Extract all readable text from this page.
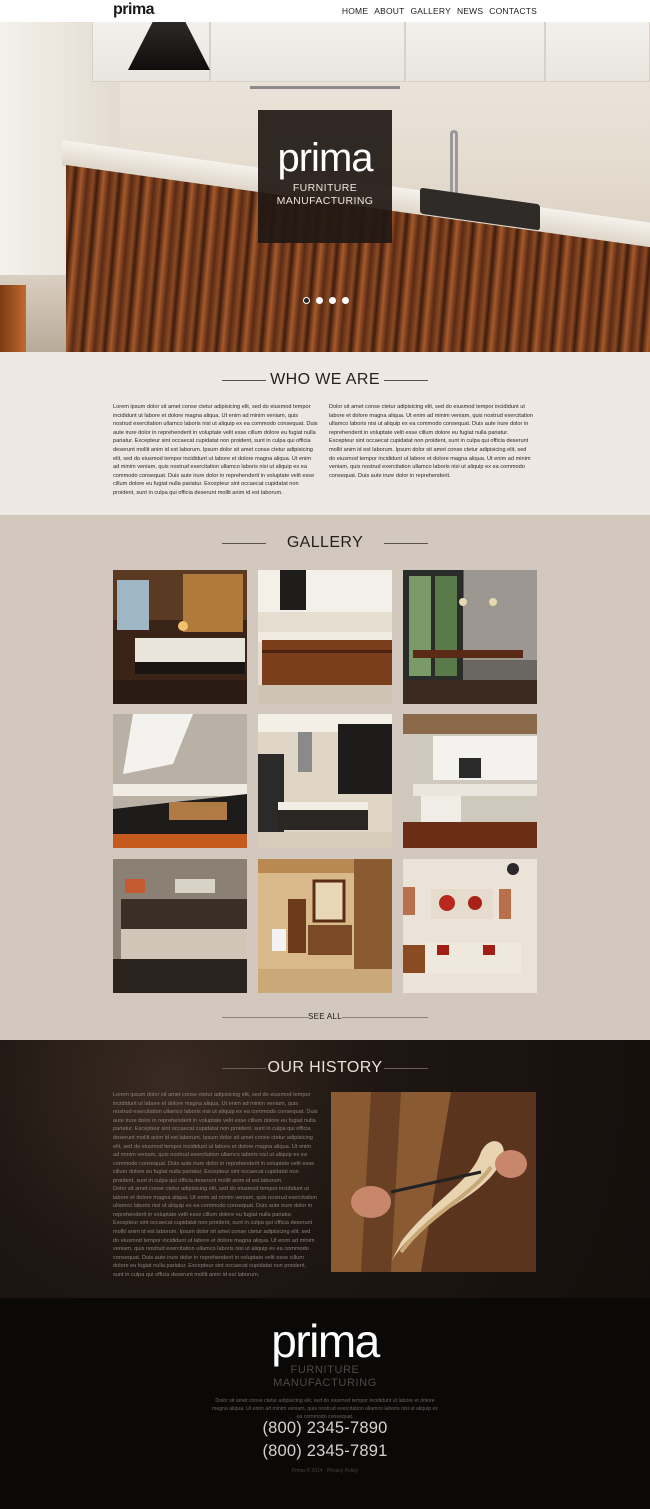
prima
FURNITURE
MANUFACTURING
prima	HOME ABOUT GALLERY NEWS CONTACTS
WHO WE ARE

Lorem ipsum dolor sit amet conse ctetur adipisicing elit, sed do eiusmod tempor incididunt ut labore et dolore magna aliqua. Ut enim ad minim veniam, quis nostrud exercitation ullamco laboris nisi ut aliquip ex ea commodo consequat. Duis aute irure dolor in reprehenderit in voluptate velit esse cillum dolore eu fugiat nulla pariatur. Excepteur sint occaecat cupidatat non proident, sunt in culpa qui officia deserunt mollit anim id est laborum. Ipsum dolor sit amet conse ctetur adipisicing elit, sed do eiusmod tempor incididunt ut labore et dolore magna aliqua. Ut enim ad minim veniam, quis nostrud exercitation ullamco laboris nisi ut aliquip ex ea commodo consequat. Duis aute irure dolor in reprehenderit in voluptate velit esse cillum dolore eu fugiat nulla pariatur. Excepteur sint occaecat cupidatat non proident, sunt in culpa qui officia deserunt mollit anim id est laborum.

Dolor sit amet conse ctetur adipisicing elit, sed do eiusmod tempor incididunt ut labore et dolore magna aliqua. Ut enim ad minim veniam, quis nostrud exercitation ullamco laboris nisi ut aliquip ex ea commodo consequat. Duis aute irure dolor in reprehenderit in voluptate velit esse cillum dolore eu fugiat nulla pariatur. Excepteur sint occaecat cupidatat non proident, sunt in culpa qui officia deserunt mollit anim id est laborum. Ipsum dolor sit amet conse ctetur adipisicing elit, sed do eiusmod tempor incididunt ut labore et dolore magna aliqua. Ut enim ad minim veniam, quis nostrud exercitation ullamco laboris nisi ut aliquip ex ea commodo consequat. Duis aute irure dolor in reprehenderit.

GALLERY
SEE ALL
OUR HISTORY

Lorem ipsum dolor sit amet conse ctetur adipisicing elit, sed do eiusmod tempor incididunt ut labore et dolore magna aliqua. Ut enim ad minim veniam, quis nostrud exercitation ullamco laboris nisi ut aliquip ex ea commodo consequat. Duis aute irure dolor in reprehenderit in voluptate velit esse cillum dolore eu fugiat nulla pariatur. Excepteur sint occaecat cupidatat non proident, sunt in culpa qui officia deserunt mollit anim id est laborum. Ipsum dolor sit amet conse ctetur adipisicing elit, sed do eiusmod tempor incididunt ut labore et dolore magna aliqua. Ut enim ad minim veniam, quis nostrud exercitation ullamco laboris nisi ut aliquip ex ea commodo consequat. Duis aute irure dolor in reprehenderit in voluptate velit esse cillum dolore eu fugiat nulla pariatur. Excepteur sint occaecat cupidatat non proident, sunt in culpa qui officia deserunt mollit anim id est laborum.

Dolor sit amet conse ctetur adipisicing elit, sed do eiusmod tempor incididunt ut labore et dolore magna aliqua. Ut enim ad minim veniam, quis nostrud exercitation ullamco laboris nisi ut aliquip ex ea commodo consequat. Duis aute irure dolor in reprehenderit in voluptate velit esse cillum dolore eu fugiat nulla pariatur. Excepteur sint occaecat cupidatat non proident, sunt in culpa qui officia deserunt mollit anim id est laborum. Ipsum dolor sit amet conse ctetur adipisicing elit, sed do eiusmod tempor incididunt ut labore et dolore magna aliqua. Ut enim ad minim veniam, quis nostrud exercitation ullamco laboris nisi ut aliquip ex ea commodo consequat. Duis aute irure dolor in reprehenderit in voluptate velit esse cillum dolore eu fugiat nulla pariatur. Excepteur sint occaecat cupidatat non proident, sunt in culpa qui officia deserunt mollit anim id est laborum.

prima
FURNITURE
MANUFACTURING

Dolor sit amet conse ctetur adipisicing elit, sed do eiusmod tempor incididunt ut labore et dolore magna aliqua. Ut enim ad minim veniam, quis nostrud exercitation ullamco laboris nisi ut aliquip ex ea commodo consequat.

(800) 2345-7890
(800) 2345-7891
Prima © 2014 · Privacy Policy
